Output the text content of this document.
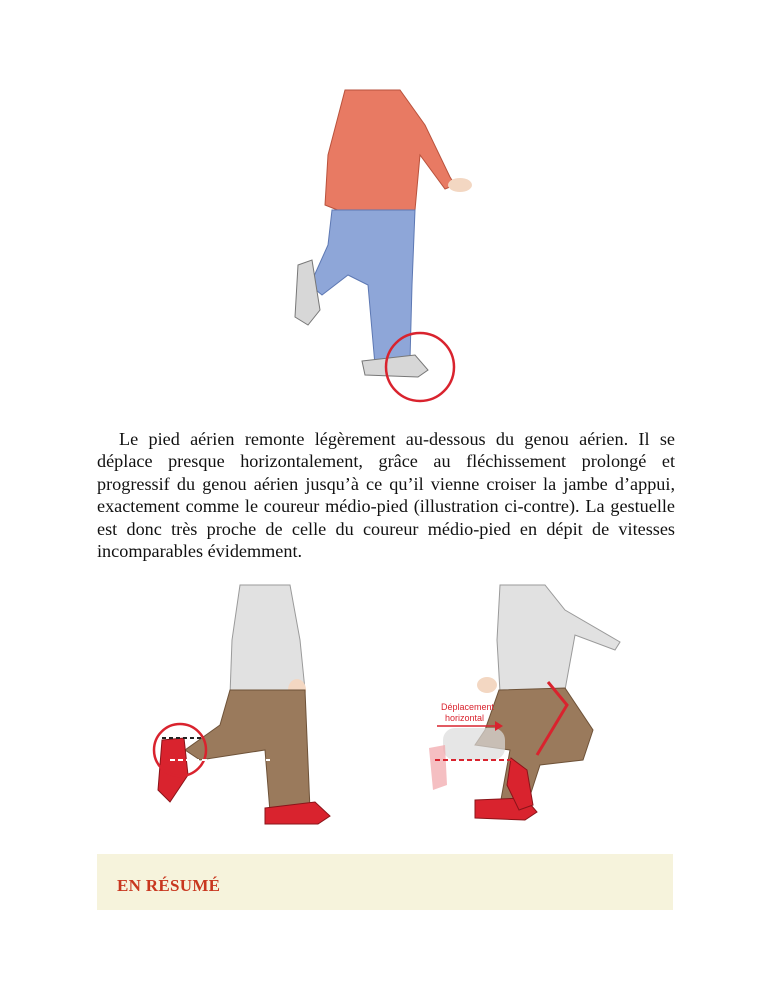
Le pied aérien remonte légèrement au-dessous du genou aérien. Il se déplace presque horizontalement, grâce au fléchissement prolongé et progressif du genou aérien jusqu’à ce qu’il vienne croiser la jambe d’appui, exactement comme le coureur médio-pied (illustration ci-contre). La gestuelle est donc très proche de celle du coureur médio-pied en dépit de vitesses incomparables évidemment.

Déplacement
horizontal
EN RÉSUMÉ
